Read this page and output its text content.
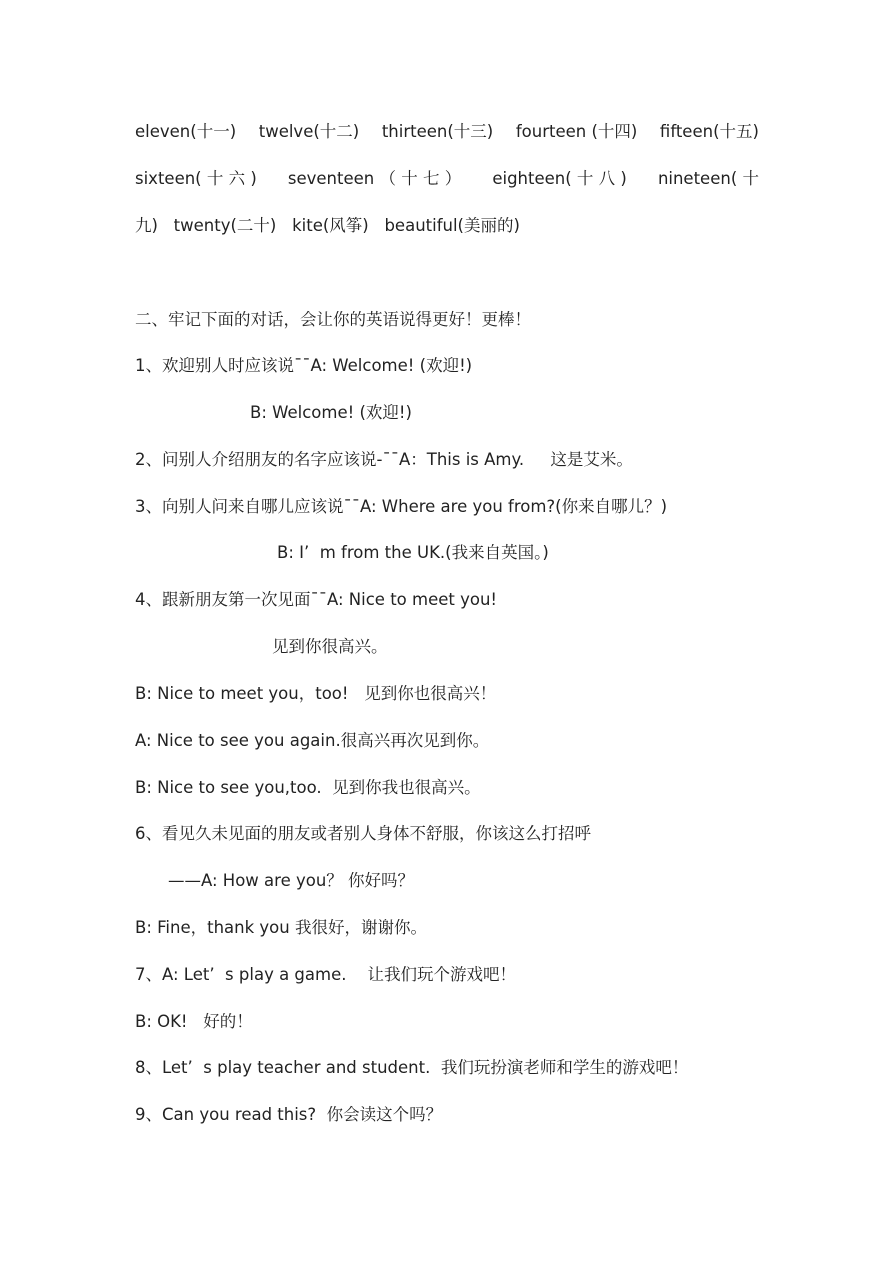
eleven(十一) twelve(十二) thirteen(十三) fourteen (十四) fifteen(十五)
sixteen( 十 六 ) seventeen （ 十 七 ） eighteen( 十 八 ) nineteen( 十
九)   twenty(二十)   kite(风筝)   beautiful(美丽的)
二、牢记下面的对话，会让你的英语说得更好！更棒！
1、欢迎别人时应该说¯¯A: Welcome! (欢迎!)
B: Welcome! (欢迎!)
2、问别人介绍朋友的名字应该说-¯¯A：This is Amy.     这是艾米。
3、向别人问来自哪儿应该说¯¯A: Where are you from?(你来自哪儿？)
B: I’  m from the UK.(我来自英国。)
4、跟新朋友第一次见面¯¯A: Nice to meet you!
见到你很高兴。
B: Nice to meet you，too!   见到你也很高兴！
A: Nice to see you again.很高兴再次见到你。
B: Nice to see you,too.  见到你我也很高兴。
6、看见久未见面的朋友或者别人身体不舒服，你该这么打招呼
——A: How are you？ 你好吗？
B: Fine，thank you 我很好，谢谢你。
7、A: Let’  s play a game.    让我们玩个游戏吧！
B: OK!   好的！
8、Let’  s play teacher and student.  我们玩扮演老师和学生的游戏吧！
9、Can you read this?  你会读这个吗？
